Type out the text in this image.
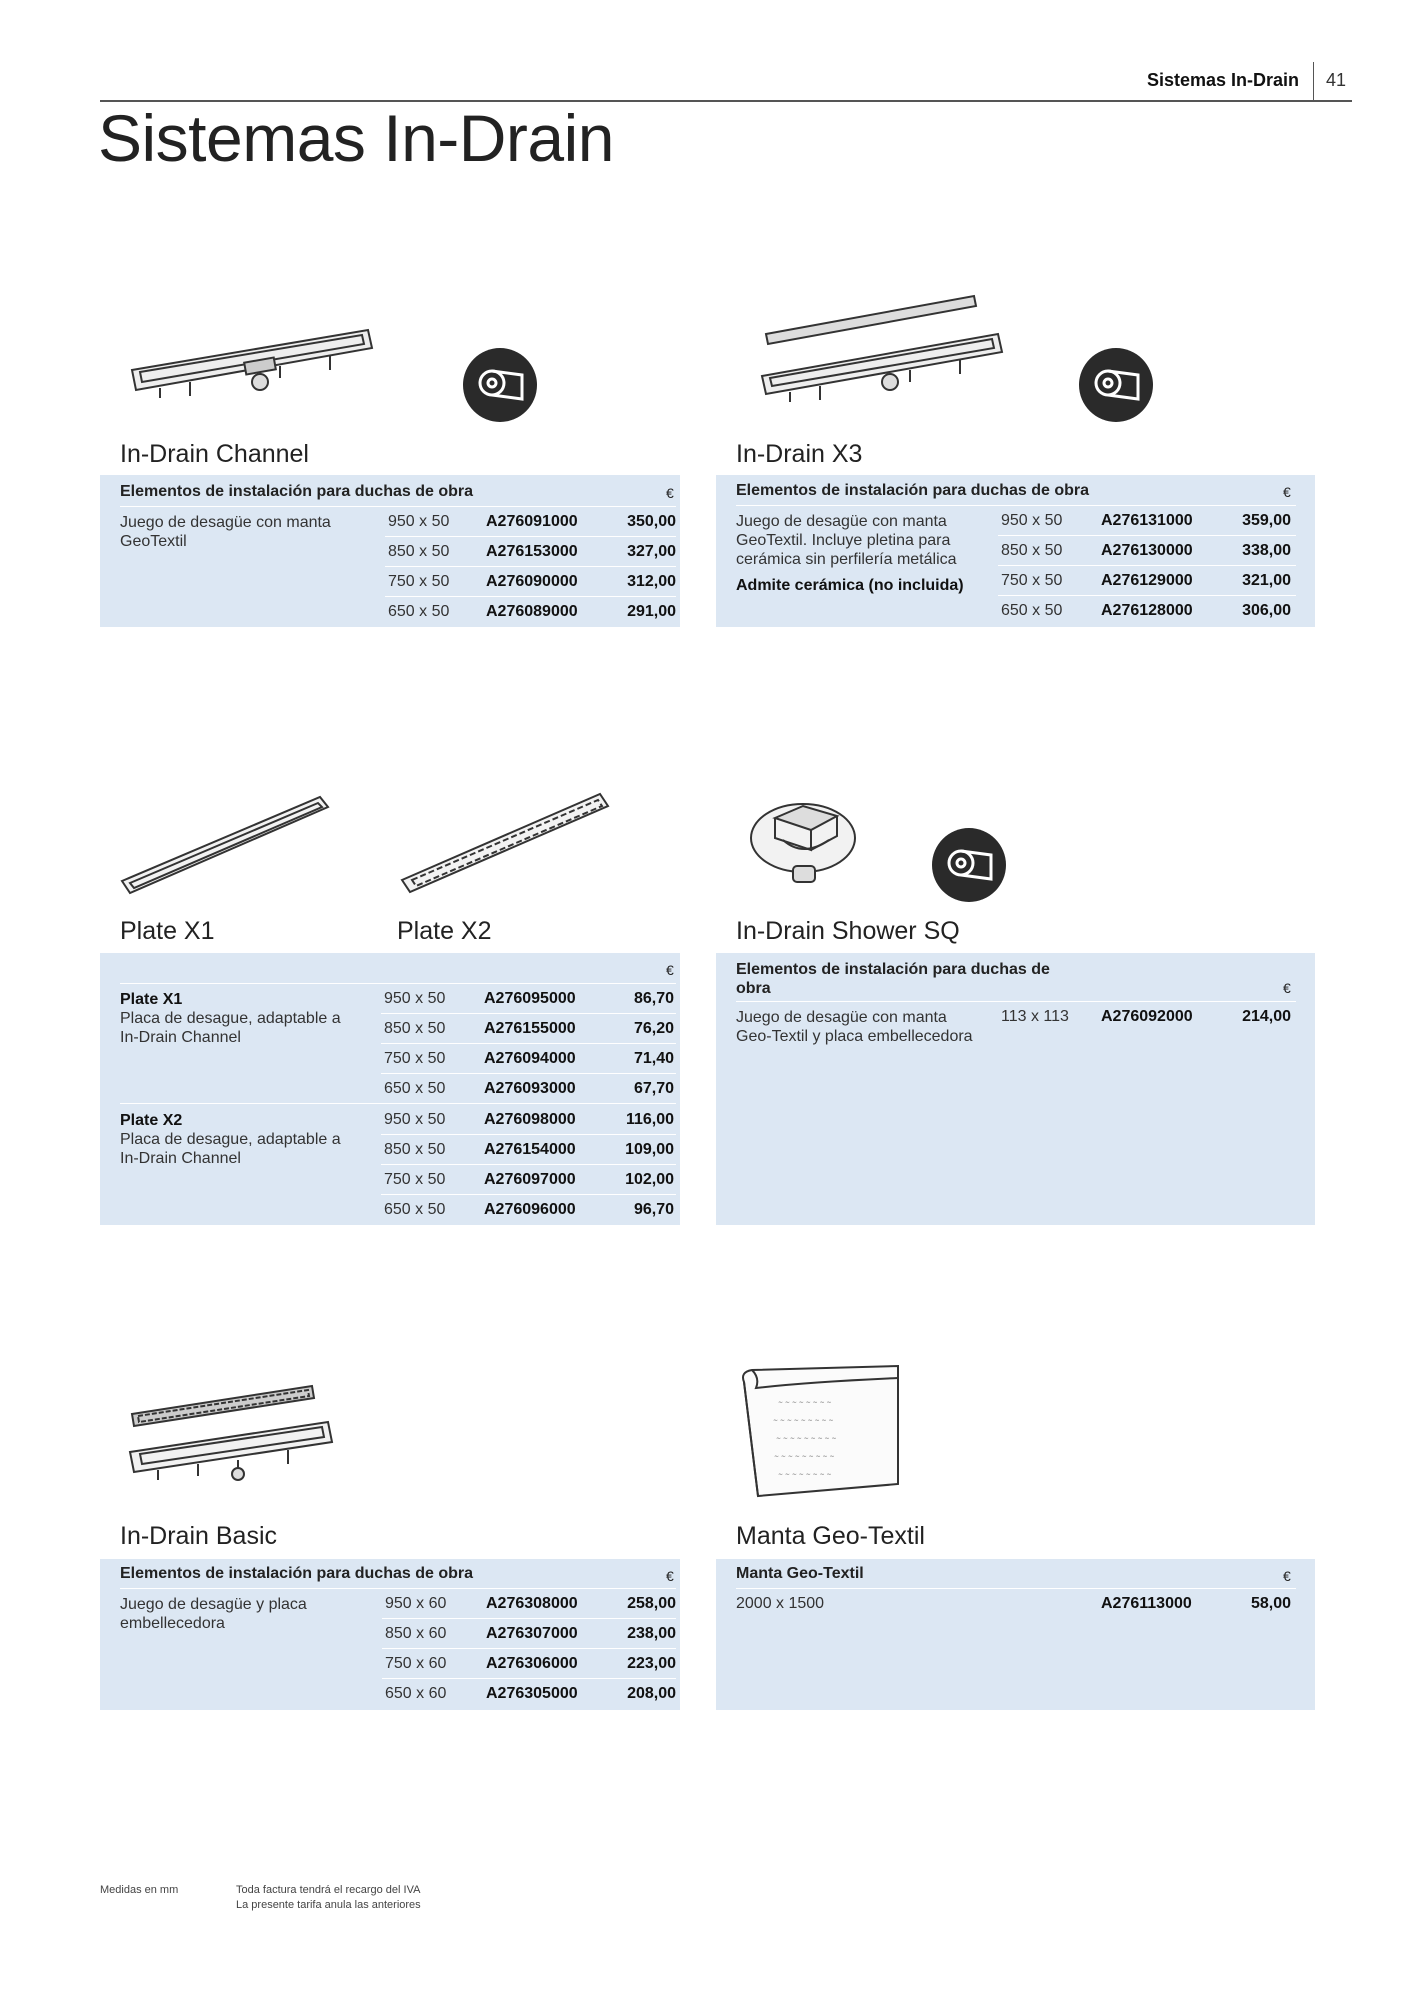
Sistemas In-Drain 41
Sistemas In-Drain
In-Drain Channel
Elementos de instalación para duchas de obra	€
Juego de desagüe con manta GeoTextil
950 x 50 A276091000	350,00
850 x 50 A276153000	327,00
750 x 50 A276090000	312,00
650 x 50 A276089000	291,00
In-Drain X3
Elementos de instalación para duchas de obra	€
Juego de desagüe con manta GeoTextil. Incluye pletina para cerámica sin perfilería metálica
Admite cerámica (no incluida)
950 x 50 A276131000	359,00
850 x 50 A276130000	338,00
750 x 50 A276129000	321,00
650 x 50 A276128000	306,00
Plate X1	Plate X2
€
Plate X1
Placa de desague, adaptable a In-Drain Channel
Plate X2
Placa de desague, adaptable a In-Drain Channel
950 x 50 A276095000	86,70
850 x 50 A276155000	76,20
750 x 50 A276094000	71,40
650 x 50 A276093000	67,70
950 x 50 A276098000	116,00
850 x 50 A276154000	109,00
750 x 50 A276097000	102,00
650 x 50 A276096000	96,70
In-Drain Shower SQ
Elementos de instalación para duchas de obra	€
Juego de desagüe con manta Geo-Textil y placa embellecedora
113 x 113 A276092000	214,00
In-Drain Basic
Elementos de instalación para duchas de obra	€
Juego de desagüe y placa embellecedora
950 x 60 A276308000	258,00
850 x 60 A276307000	238,00
750 x 60 A276306000	223,00
650 x 60 A276305000	208,00
∼ ∼ ∼ ∼ ∼ ∼ ∼ ∼
∼ ∼ ∼ ∼ ∼ ∼ ∼ ∼ ∼
∼ ∼ ∼ ∼ ∼ ∼ ∼ ∼ ∼
∼ ∼ ∼ ∼ ∼ ∼ ∼ ∼ ∼
∼ ∼ ∼ ∼ ∼ ∼ ∼ ∼
Manta Geo-Textil
Manta Geo-Textil	€
2000 x 1500	A276113000	58,00
Medidas en mm	Toda factura tendrá el recargo del IVA
La presente tarifa anula las anteriores
